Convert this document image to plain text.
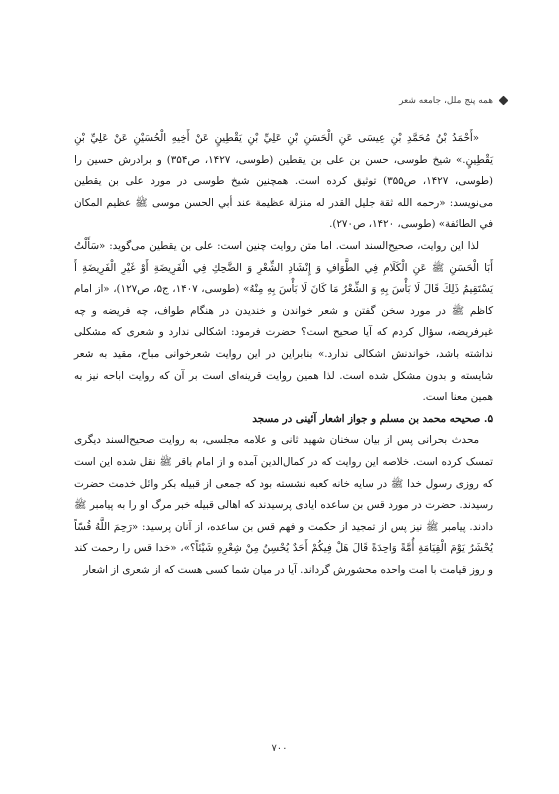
همه پنج ملل، جامعه شعر

«أَحْمَدُ بْنُ مُحَمَّدِ بْنِ عِيسَى عَنِ الْحَسَنِ بْنِ عَلِيِّ بْنِ يَقْطِينٍ عَنْ أَخِيهِ الْحُسَيْنِ عَنْ عَلِيِّ بْنِ يَقْطِينٍ.» شیخ طوسی، حسن بن علی بن یقطین (طوسی، ۱۴۲۷، ص۳۵۴) و برادرش حسین را (طوسی، ۱۴۲۷، ص۳۵۵) توثیق کرده است. همچنین شیخ طوسی در مورد علی بن یقطین می‌نویسد: «رحمه الله ثقة جليل القدر له منزلة عظيمة عند أبي الحسن موسى ﷺ عظيم المكان في الطائفة» (طوسی، ۱۴۲۰، ص۲۷۰).

لذا این روایت، صحیح‌السند است. اما متن روایت چنین است: علی بن یقطین می‌گوید: «سَأَلْتُ أَبَا الْحَسَنِ ﷺ عَنِ الْكَلَامِ فِي الطَّوَافِ وَ إِنْشَادِ الشِّعْرِ وَ الضَّحِكِ فِي الْفَرِيضَةِ أَوْ غَيْرِ الْفَرِيضَةِ أَ يَسْتَقِيمُ ذَلِكَ قَالَ لَا بَأْسَ بِهِ وَ الشِّعْرُ مَا كَانَ لَا بَأْسَ بِهِ مِنْهُ» (طوسی، ۱۴۰۷، ج۵، ص۱۲۷)، «از امام کاظم ﷺ در مورد سخن گفتن و شعر خواندن و خندیدن در هنگام طواف، چه فریضه و چه غیرفریضه، سؤال کردم که آیا صحیح است؟ حضرت فرمود: اشکالی ندارد و شعری که مشکلی نداشته باشد، خواندنش اشکالی ندارد.» بنابراین در این روایت شعرخوانی مباح، مقید به شعر شایسته و بدون مشکل شده است. لذا همین روایت قرینه‌ای است بر آن که روایت اباحه نیز به همین معنا است.

۵. صحیحه محمد بن مسلم و جواز اشعار آئینی در مسجد

محدث بحرانی پس از بیان سخنان شهید ثانی و علامه مجلسی، به روایت صحیح‌السند دیگری تمسک کرده است. خلاصه این روایت که در کمال‌الدین آمده و از امام باقر ﷺ نقل شده این است که روزی رسول خدا ﷺ در سایه خانه کعبه نشسته بود که جمعی از قبیله بکر وائل خدمت حضرت رسیدند. حضرت در مورد قس بن ساعده ایادی پرسیدند که اهالی قبیله خبر مرگ او را به پیامبر ﷺ دادند. پیامبر ﷺ نیز پس از تمجید از حکمت و فهم قس بن ساعده، از آنان پرسید: «رَحِمَ اللَّهُ قُسّاً يُحْشَرُ يَوْمَ الْقِيَامَةِ أُمَّةً وَاحِدَةً قَالَ هَلْ فِيكُمْ أَحَدٌ يُحْسِنُ مِنْ شِعْرِهِ شَيْئاً؟»، «خدا قس را رحمت کند و روز قیامت با امت واحده محشورش گرداند. آیا در میان شما کسی هست که از شعری از اشعار

۷۰۰
